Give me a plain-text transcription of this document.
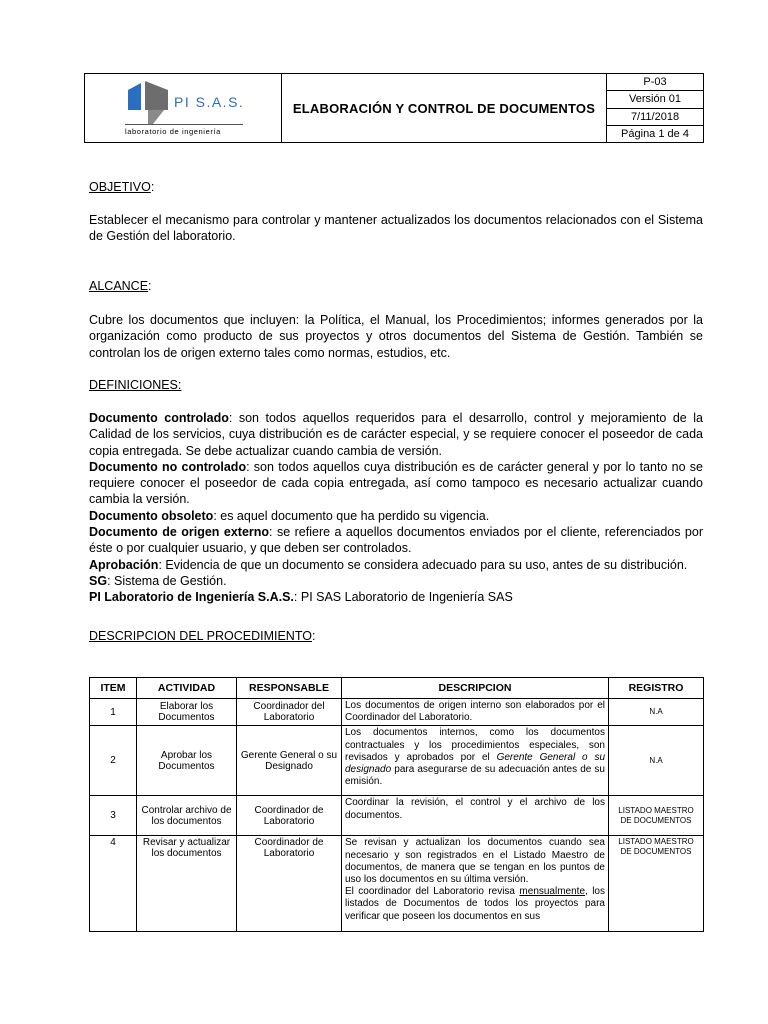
PI S.A.S.
laboratorio de ingeniería
	ELABORACIÓN Y CONTROL DE DOCUMENTOS	P-03
Versión 01
7/11/2018
Página 1 de 4
OBJETIVO:

Establecer el mecanismo para controlar y mantener actualizados los documentos relacionados con el Sistema de Gestión del laboratorio.

ALCANCE:

Cubre los documentos que incluyen: la Política, el Manual, los Procedimientos; informes generados por la organización como producto de sus proyectos y otros documentos del Sistema de Gestión. También se controlan los de origen externo tales como normas, estudios, etc.

DEFINICIONES:

Documento controlado: son todos aquellos requeridos para el desarrollo, control y mejoramiento de la Calidad de los servicios, cuya distribución es de carácter especial, y se requiere conocer el poseedor de cada copia entregada. Se debe actualizar cuando cambia de versión.

Documento no controlado: son todos aquellos cuya distribución es de carácter general y por lo tanto no se requiere conocer el poseedor de cada copia entregada, así como tampoco es necesario actualizar cuando cambia la versión.

Documento obsoleto: es aquel documento que ha perdido su vigencia.

Documento de origen externo: se refiere a aquellos documentos enviados por el cliente, referenciados por éste o por cualquier usuario, y que deben ser controlados.

Aprobación: Evidencia de que un documento se considera adecuado para su uso, antes de su distribución.

SG: Sistema de Gestión.

PI Laboratorio de Ingeniería S.A.S.: PI SAS Laboratorio de Ingeniería SAS

DESCRIPCION DEL PROCEDIMIENTO:
ITEM	ACTIVIDAD	RESPONSABLE	DESCRIPCION	REGISTRO
1	Elaborar los Documentos	Coordinador del Laboratorio	Los documentos de origen interno son elaborados por el Coordinador del Laboratorio.	N.A
2	Aprobar los Documentos	Gerente General o su Designado	Los documentos internos, como los documentos contractuales y los procedimientos especiales, son revisados y aprobados por el Gerente General o su designado para asegurarse de su adecuación antes de su emisión.	N.A
3	Controlar archivo de los documentos	Coordinador de Laboratorio	Coordinar la revisión, el control y el archivo de los documentos.	LISTADO MAESTRO DE DOCUMENTOS
4	Revisar y actualizar los documentos	Coordinador de Laboratorio	Se revisan y actualizan los documentos cuando sea necesario y son registrados en el Listado Maestro de documentos, de manera que se tengan en los puntos de uso los documentos en su última versión.
El coordinador del Laboratorio revisa mensualmente, los listados de Documentos de todos los proyectos para verificar que poseen los documentos en sus	LISTADO MAESTRO DE DOCUMENTOS
